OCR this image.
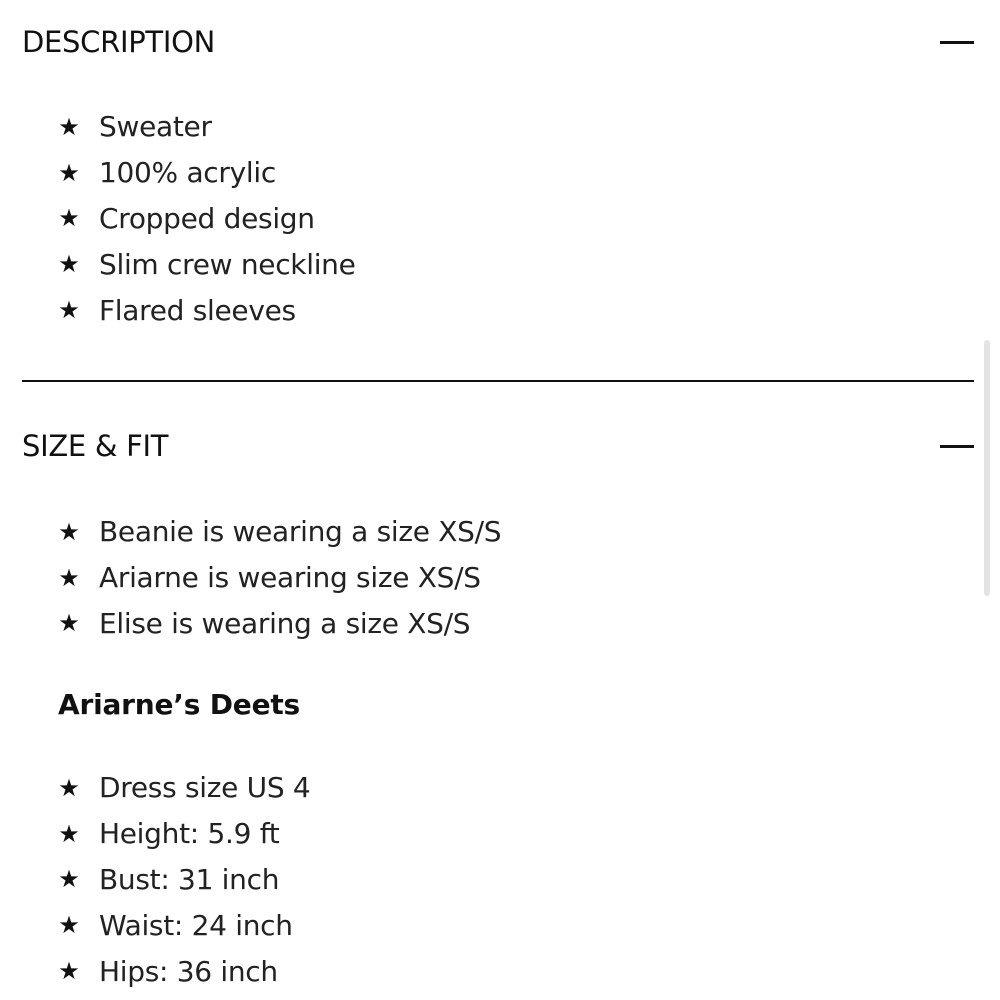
DESCRIPTION
★ Sweater
★ 100% acrylic
★ Cropped design
★ Slim crew neckline
★ Flared sleeves
SIZE & FIT
★ Beanie is wearing a size XS/S
★ Ariarne is wearing size XS/S
★ Elise is wearing a size XS/S
Ariarne’s Deets
★ Dress size US 4
★ Height: 5.9 ft
★ Bust: 31 inch
★ Waist: 24 inch
★ Hips: 36 inch
